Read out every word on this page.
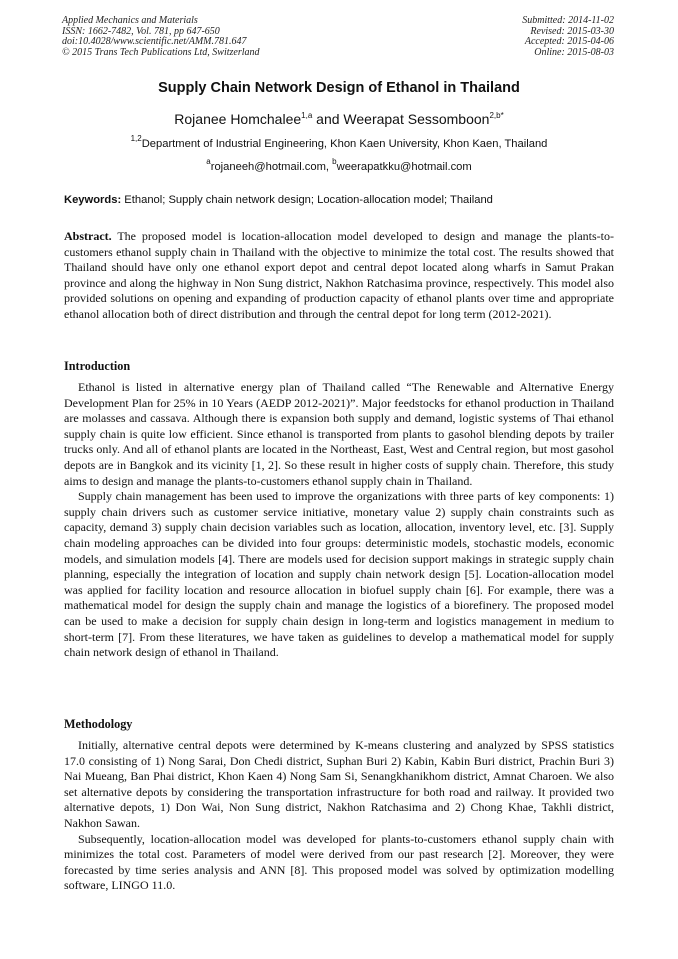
Applied Mechanics and Materials
ISSN: 1662-7482, Vol. 781, pp 647-650
doi:10.4028/www.scientific.net/AMM.781.647
© 2015 Trans Tech Publications Ltd, Switzerland
Submitted: 2014-11-02
Revised: 2015-03-30
Accepted: 2015-04-06
Online: 2015-08-03
Supply Chain Network Design of Ethanol in Thailand
Rojanee Homchalee$^{1,a}$ and Weerapat Sessomboon$^{2,b*}$
$^{1,2}$Department of Industrial Engineering, Khon Kaen University, Khon Kaen, Thailand
$^a$rojaneeh@hotmail.com, $^b$weerapatkku@hotmail.com
Keywords: Ethanol; Supply chain network design; Location-allocation model; Thailand

Abstract. The proposed model is location-allocation model developed to design and manage the plants-to-customers ethanol supply chain in Thailand with the objective to minimize the total cost. The results showed that Thailand should have only one ethanol export depot and central depot located along wharfs in Samut Prakan province and along the highway in Non Sung district, Nakhon Ratchasima province, respectively. This model also provided solutions on opening and expanding of production capacity of ethanol plants over time and appropriate ethanol allocation both of direct distribution and through the central depot for long term (2012-2021).

Introduction

Ethanol is listed in alternative energy plan of Thailand called “The Renewable and Alternative Energy Development Plan for 25% in 10 Years (AEDP 2012-2021)”. Major feedstocks for ethanol production in Thailand are molasses and cassava. Although there is expansion both supply and demand, logistic systems of Thai ethanol supply chain is quite low efficient. Since ethanol is transported from plants to gasohol blending depots by trailer trucks only. And all of ethanol plants are located in the Northeast, East, West and Central region, but most gasohol depots are in Bangkok and its vicinity [1, 2]. So these result in higher costs of supply chain. Therefore, this study aims to design and manage the plants-to-customers ethanol supply chain in Thailand.

Supply chain management has been used to improve the organizations with three parts of key components: 1) supply chain drivers such as customer service initiative, monetary value 2) supply chain constraints such as capacity, demand 3) supply chain decision variables such as location, allocation, inventory level, etc. [3]. Supply chain modeling approaches can be divided into four groups: deterministic models, stochastic models, economic models, and simulation models [4]. There are models used for decision support makings in strategic supply chain planning, especially the integration of location and supply chain network design [5]. Location-allocation model was applied for facility location and resource allocation in biofuel supply chain [6]. For example, there was a mathematical model for design the supply chain and manage the logistics of a biorefinery. The proposed model can be used to make a decision for supply chain design in long-term and logistics management in medium to short-term [7]. From these literatures, we have taken as guidelines to develop a mathematical model for supply chain network design of ethanol in Thailand.

Methodology

Initially, alternative central depots were determined by K-means clustering and analyzed by SPSS statistics 17.0 consisting of 1) Nong Sarai, Don Chedi district, Suphan Buri 2) Kabin, Kabin Buri district, Prachin Buri 3) Nai Mueang, Ban Phai district, Khon Kaen 4) Nong Sam Si, Senangkhanikhom district, Amnat Charoen. We also set alternative depots by considering the transportation infrastructure for both road and railway. It provided two alternative depots, 1) Don Wai, Non Sung district, Nakhon Ratchasima and 2) Chong Khae, Takhli district, Nakhon Sawan.

Subsequently, location-allocation model was developed for plants-to-customers ethanol supply chain with minimizes the total cost. Parameters of model were derived from our past research [2]. Moreover, they were forecasted by time series analysis and ANN [8]. This proposed model was solved by optimization modelling software, LINGO 11.0.
